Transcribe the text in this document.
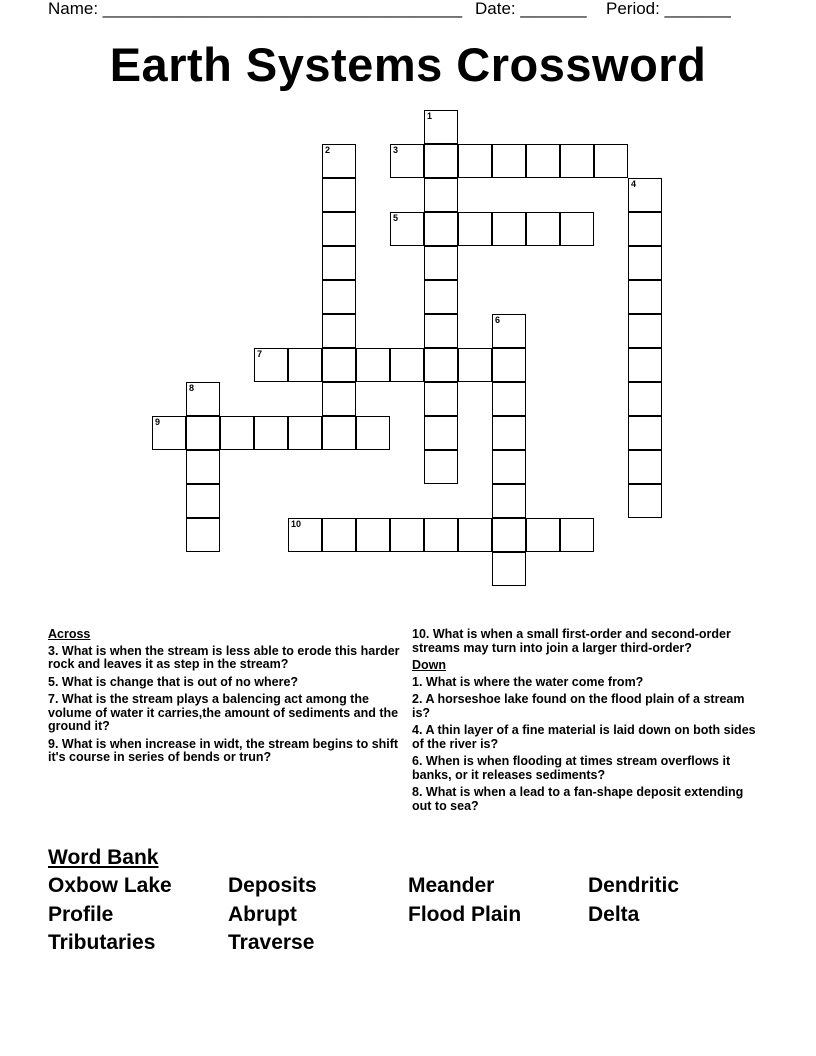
Name: ______________________________________ Date: _______ Period: _______
Earth Systems Crossword
1
2	3
4
5
6
7
8
9
10
Across
3. What is when the stream is less able to erode this harder rock and leaves it as step in the stream?
5. What is change that is out of no where?
7. What is the stream plays a balencing act among the volume of water it carries,the amount of sediments and the ground it?
9. What is when increase in widt, the stream begins to shift it's course in series of bends or trun?
10. What is when a small first-order and second-order streams may turn into join a larger third-order?
Down
1. What is where the water come from?
2. A horseshoe lake found on the flood plain of a stream is?
4. A thin layer of a fine material is laid down on both sides of the river is?
6. When is when flooding at times stream overflows it banks, or it releases sediments?
8. What is when a lead to a fan-shape deposit extending out to sea?
Word Bank
Oxbow Lake	Deposits	Meander	Dendritic
Profile	Abrupt	Flood Plain	Delta
Tributaries	Traverse
